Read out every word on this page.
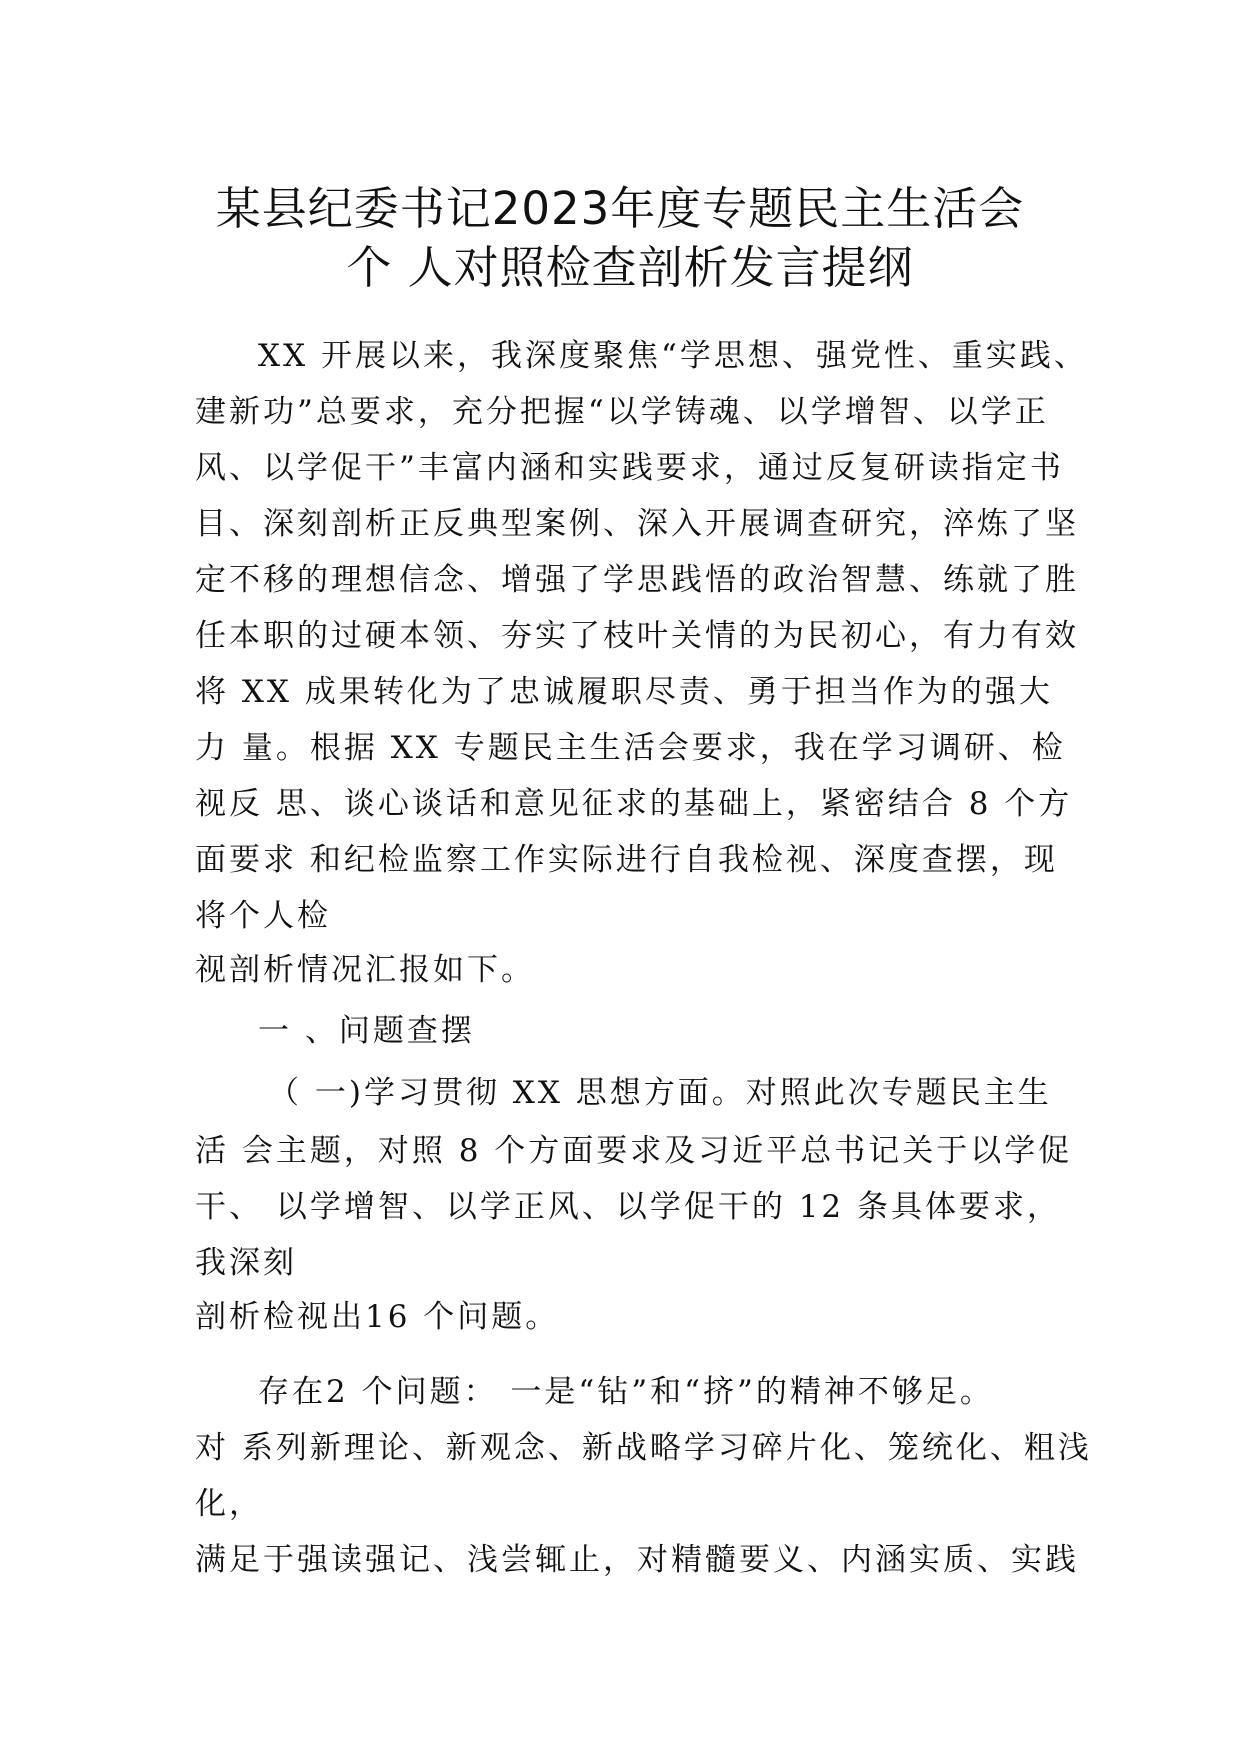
某县纪委书记2023年度专题民主生活会
个 人对照检查剖析发言提纲
XX 开展以来，我深度聚焦“学思想、强党性、重实践、
建新功”总要求，充分把握“以学铸魂、以学增智、以学正
风、以学促干”丰富内涵和实践要求，通过反复研读指定书
目、深刻剖析正反典型案例、深入开展调查研究，淬炼了坚
定不移的理想信念、增强了学思践悟的政治智慧、练就了胜
任本职的过硬本领、夯实了枝叶关情的为民初心，有力有效
将 XX 成果转化为了忠诚履职尽责、勇于担当作为的强大
力 量。根据 XX 专题民主生活会要求，我在学习调研、检
视反 思、谈心谈话和意见征求的基础上，紧密结合 8 个方
面要求 和纪检监察工作实际进行自我检视、深度查摆，现
将个人检
视剖析情况汇报如下。
一 、问题查摆
（ 一)学习贯彻 XX 思想方面。对照此次专题民主生
活 会主题，对照 8 个方面要求及习近平总书记关于以学促
干、 以学增智、以学正风、以学促干的 12 条具体要求，
我深刻
剖析检视出16 个问题。
存在2 个问题： 一是“钻”和“挤”的精神不够足。
对 系列新理论、新观念、新战略学习碎片化、笼统化、粗浅
化，
满足于强读强记、浅尝辄止，对精髓要义、内涵实质、实践
